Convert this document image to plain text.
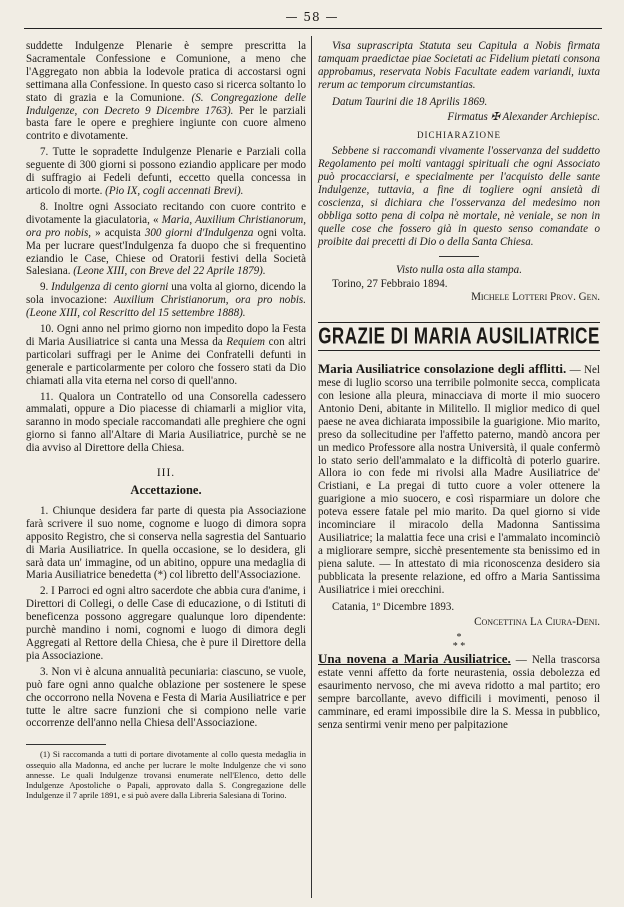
— 58 —

suddette Indulgenze Plenarie è sempre prescritta la Sacramentale Confessione e Comunione, a meno che l'Aggregato non abbia la lodevole pratica di accostarsi ogni settimana alla Confessione. In questo caso si ricerca soltanto lo stato di grazia e la Comunione. (S. Congregazione delle Indulgenze, con Decreto 9 Dicembre 1763). Per le parziali basta fare le opere e preghiere ingiunte con cuore almeno contrito e divotamente.

7. Tutte le sopradette Indulgenze Plenarie e Parziali colla seguente di 300 giorni si possono eziandio applicare per modo di suffragio ai Fedeli defunti, eccetto quella concessa in articolo di morte. (Pio IX, cogli accennati Brevi).

8. Inoltre ogni Associato recitando con cuore contrito e divotamente la giaculatoria, « Maria, Auxilium Christianorum, ora pro nobis, » acquista 300 giorni d'Indulgenza ogni volta. Ma per lucrare quest'Indulgenza fa duopo che si frequentino eziandio le Case, Chiese od Oratorii festivi della Società Salesiana. (Leone XIII, con Breve del 22 Aprile 1879).

9. Indulgenza di cento giorni una volta al giorno, dicendo la sola invocazione: Auxilium Christianorum, ora pro nobis. (Leone XIII, col Rescritto del 15 settembre 1888).

10. Ogni anno nel primo giorno non impedito dopo la Festa di Maria Ausiliatrice si canta una Messa da Requiem con altri particolari suffragi per le Anime dei Confratelli defunti in generale e particolarmente per coloro che fossero stati da Dio chiamati alla vita eterna nel corso di quell'anno.

11. Qualora un Contratello od una Consorella cadessero ammalati, oppure a Dio piacesse di chiamarli a miglior vita, saranno in modo speciale raccomandati alle preghiere che ogni giorno si fanno all'Altare di Maria Ausiliatrice, purchè se ne dia avviso al Direttore della Chiesa.

III.
Accettazione.

1. Chiunque desidera far parte di questa pia Associazione farà scrivere il suo nome, cognome e luogo di dimora sopra apposito Registro, che si conserva nella sagrestia del Santuario di Maria Ausiliatrice. In quella occasione, se lo desidera, gli sarà data un' immagine, od un abitino, oppure una medaglia di Maria Ausiliatrice benedetta (*) col libretto dell'Associazione.

2. I Parroci ed ogni altro sacerdote che abbia cura d'anime, i Direttori di Collegi, o delle Case di educazione, o di Istituti di beneficenza possono aggregare qualunque loro dipendente: purchè mandino i nomi, cognomi e luogo di dimora degli Aggregati al Rettore della Chiesa, che è pure il Direttore della pia Associazione.

3. Non vi è alcuna annualità pecuniaria: ciascuno, se vuole, può fare ogni anno qualche oblazione per sostenere le spese che occorrono nella Novena e Festa di Maria Ausiliatrice e per tutte le altre sacre funzioni che si compiono nelle varie occorrenze dell'anno nella Chiesa dell'Associazione.

(1) Si raccomanda a tutti di portare divotamente al collo questa medaglia in ossequio alla Madonna, ed anche per lucrare le molte Indulgenze che vi sono annesse. Le quali Indulgenze trovansi enumerate nell'Elenco, detto delle Indulgenze Apostoliche o Papali, approvato dalla S. Congregazione delle Indulgenze il 7 aprile 1891, e si può avere dalla Libreria Salesiana di Torino.

Visa suprascripta Statuta seu Capitula a Nobis firmata tamquam praedictae piae Societati ac Fidelium pietati consona approbamus, reservata Nobis Facultate eadem variandi, iuxta rerum ac temporum circumstantias.

Datum Taurini die 18 Aprilis 1869.

Firmatus ✠ Alexander Archiepisc.

DICHIARAZIONE

Sebbene si raccomandi vivamente l'osservanza del suddetto Regolamento pei molti vantaggi spirituali che ogni Associato può procacciarsi, e specialmente per l'acquisto delle sante Indulgenze, tuttavia, a fine di togliere ogni ansietà di coscienza, si dichiara che l'osservanza del medesimo non obbliga sotto pena di colpa nè mortale, nè veniale, se non in quelle cose che fossero già in questo senso comandate o proibite dai precetti di Dio o della Santa Chiesa.

Visto nulla osta alla stampa.

Torino, 27 Febbraio 1894.

Michele Lotteri Prov. Gen.

GRAZIE DI MARIA AUSILIATRICE

Maria Ausiliatrice consolazione degli afflitti. — Nel mese di luglio scorso una terribile polmonite secca, complicata con lesione alla pleura, minacciava di morte il mio suocero Antonio Deni, abitante in Militello. Il miglior medico di quel paese ne avea dichiarata impossibile la guarigione. Mio marito, preso da sollecitudine per l'affetto paterno, mandò ancora per un medico Professore alla nostra Università, il quale confermò lo stato serio dell'ammalato e la difficoltà di poterlo guarire. Allora io con fede mi rivolsi alla Madre Ausiliatrice de' Cristiani, e La pregai di tutto cuore a voler ottenere la guarigione a mio suocero, e così risparmiare un dolore che poteva essere fatale pel mio marito. Da quel giorno si vide incominciare il miracolo della Madonna Santissima Ausiliatrice; la malattia fece una crisi e l'ammalato incominciò a migliorare sempre, sicchè presentemente sta benissimo ed in piena salute. — In attestato di mia riconoscenza desidero sia pubblicata la presente relazione, ed offro a Maria Santissima Ausiliatrice i miei orecchini.

Catania, 1º Dicembre 1893.

Concettina La Ciura-Deni.

*
* *

Una novena a Maria Ausiliatrice. — Nella trascorsa estate venni affetto da forte neurastenia, ossia debolezza ed esaurimento nervoso, che mi aveva ridotto a mal partito; ero sempre barcollante, avevo difficili i movimenti, penoso il camminare, ed erami impossibile dire la S. Messa in pubblico, senza sentirmi venir meno per palpitazione
